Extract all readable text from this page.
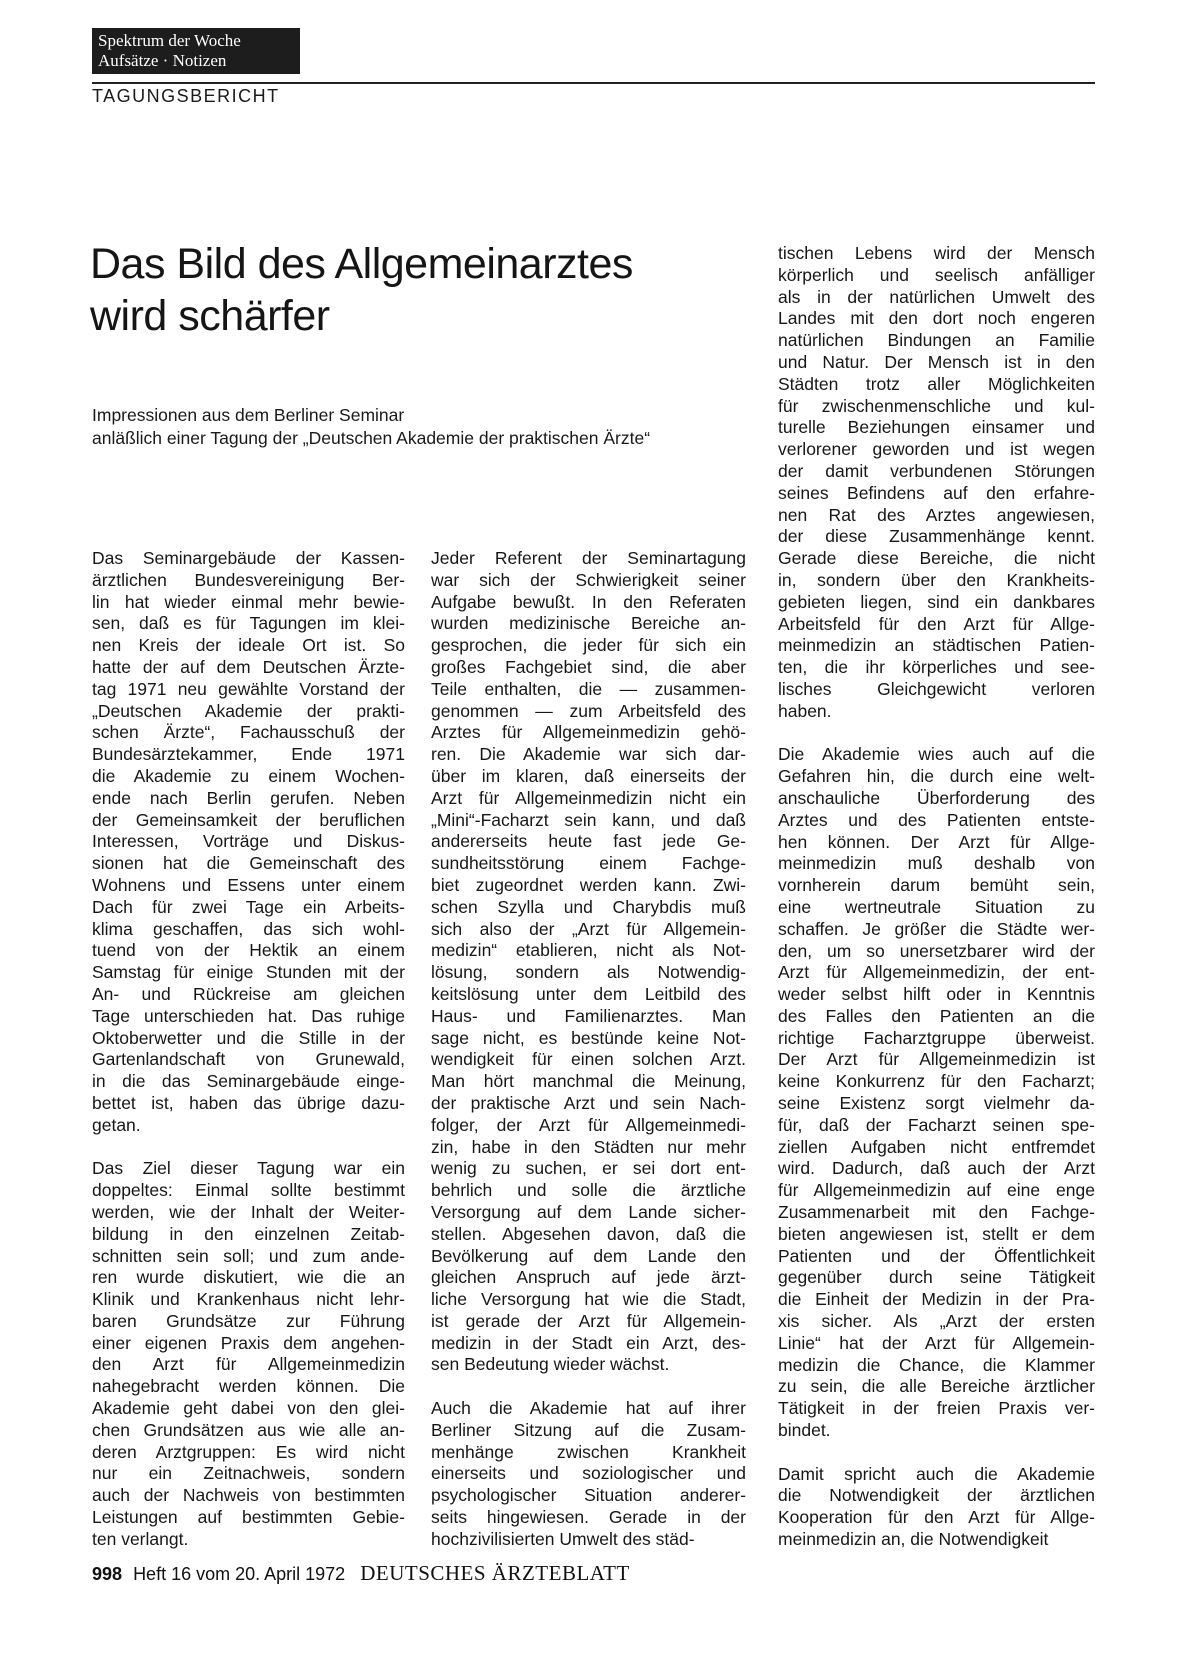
Spektrum der Woche
Aufsätze · Notizen
TAGUNGSBERICHT
Das Bild des Allgemeinarztes
wird schärfer
Impressionen aus dem Berliner Seminar
anläßlich einer Tagung der „Deutschen Akademie der praktischen Ärzte“

Das Seminargebäude der Kassen-
ärztlichen Bundesvereinigung Ber-
lin hat wieder einmal mehr bewie-
sen, daß es für Tagungen im klei-
nen Kreis der ideale Ort ist. So
hatte der auf dem Deutschen Ärzte-
tag 1971 neu gewählte Vorstand der
„Deutschen Akademie der prakti-
schen Ärzte“, Fachausschuß der
Bundesärztekammer, Ende 1971
die Akademie zu einem Wochen-
ende nach Berlin gerufen. Neben
der Gemeinsamkeit der beruflichen
Interessen, Vorträge und Diskus-
sionen hat die Gemeinschaft des
Wohnens und Essens unter einem
Dach für zwei Tage ein Arbeits-
klima geschaffen, das sich wohl-
tuend von der Hektik an einem
Samstag für einige Stunden mit der
An- und Rückreise am gleichen
Tage unterschieden hat. Das ruhige
Oktoberwetter und die Stille in der
Gartenlandschaft von Grunewald,
in die das Seminargebäude einge-
bettet ist, haben das übrige dazu-
getan.

Das Ziel dieser Tagung war ein
doppeltes: Einmal sollte bestimmt
werden, wie der Inhalt der Weiter-
bildung in den einzelnen Zeitab-
schnitten sein soll; und zum ande-
ren wurde diskutiert, wie die an
Klinik und Krankenhaus nicht lehr-
baren Grundsätze zur Führung
einer eigenen Praxis dem angehen-
den Arzt für Allgemeinmedizin
nahegebracht werden können. Die
Akademie geht dabei von den glei-
chen Grundsätzen aus wie alle an-
deren Arztgruppen: Es wird nicht
nur ein Zeitnachweis, sondern
auch der Nachweis von bestimmten
Leistungen auf bestimmten Gebie-
ten verlangt.

Jeder Referent der Seminartagung
war sich der Schwierigkeit seiner
Aufgabe bewußt. In den Referaten
wurden medizinische Bereiche an-
gesprochen, die jeder für sich ein
großes Fachgebiet sind, die aber
Teile enthalten, die — zusammen-
genommen — zum Arbeitsfeld des
Arztes für Allgemeinmedizin gehö-
ren. Die Akademie war sich dar-
über im klaren, daß einerseits der
Arzt für Allgemeinmedizin nicht ein
„Mini“-Facharzt sein kann, und daß
andererseits heute fast jede Ge-
sundheitsstörung einem Fachge-
biet zugeordnet werden kann. Zwi-
schen Szylla und Charybdis muß
sich also der „Arzt für Allgemein-
medizin“ etablieren, nicht als Not-
lösung, sondern als Notwendig-
keitslösung unter dem Leitbild des
Haus- und Familienarztes. Man
sage nicht, es bestünde keine Not-
wendigkeit für einen solchen Arzt.
Man hört manchmal die Meinung,
der praktische Arzt und sein Nach-
folger, der Arzt für Allgemeinmedi-
zin, habe in den Städten nur mehr
wenig zu suchen, er sei dort ent-
behrlich und solle die ärztliche
Versorgung auf dem Lande sicher-
stellen. Abgesehen davon, daß die
Bevölkerung auf dem Lande den
gleichen Anspruch auf jede ärzt-
liche Versorgung hat wie die Stadt,
ist gerade der Arzt für Allgemein-
medizin in der Stadt ein Arzt, des-
sen Bedeutung wieder wächst.

Auch die Akademie hat auf ihrer
Berliner Sitzung auf die Zusam-
menhänge zwischen Krankheit
einerseits und soziologischer und
psychologischer Situation anderer-
seits hingewiesen. Gerade in der
hochzivilisierten Umwelt des städ-

tischen Lebens wird der Mensch
körperlich und seelisch anfälliger
als in der natürlichen Umwelt des
Landes mit den dort noch engeren
natürlichen Bindungen an Familie
und Natur. Der Mensch ist in den
Städten trotz aller Möglichkeiten
für zwischenmenschliche und kul-
turelle Beziehungen einsamer und
verlorener geworden und ist wegen
der damit verbundenen Störungen
seines Befindens auf den erfahre-
nen Rat des Arztes angewiesen,
der diese Zusammenhänge kennt.
Gerade diese Bereiche, die nicht
in, sondern über den Krankheits-
gebieten liegen, sind ein dankbares
Arbeitsfeld für den Arzt für Allge-
meinmedizin an städtischen Patien-
ten, die ihr körperliches und see-
lisches Gleichgewicht verloren
haben.

Die Akademie wies auch auf die
Gefahren hin, die durch eine welt-
anschauliche Überforderung des
Arztes und des Patienten entste-
hen können. Der Arzt für Allge-
meinmedizin muß deshalb von
vornherein darum bemüht sein,
eine wertneutrale Situation zu
schaffen. Je größer die Städte wer-
den, um so unersetzbarer wird der
Arzt für Allgemeinmedizin, der ent-
weder selbst hilft oder in Kenntnis
des Falles den Patienten an die
richtige Facharztgruppe überweist.
Der Arzt für Allgemeinmedizin ist
keine Konkurrenz für den Facharzt;
seine Existenz sorgt vielmehr da-
für, daß der Facharzt seinen spe-
ziellen Aufgaben nicht entfremdet
wird. Dadurch, daß auch der Arzt
für Allgemeinmedizin auf eine enge
Zusammenarbeit mit den Fachge-
bieten angewiesen ist, stellt er dem
Patienten und der Öffentlichkeit
gegenüber durch seine Tätigkeit
die Einheit der Medizin in der Pra-
xis sicher. Als „Arzt der ersten
Linie“ hat der Arzt für Allgemein-
medizin die Chance, die Klammer
zu sein, die alle Bereiche ärztlicher
Tätigkeit in der freien Praxis ver-
bindet.

Damit spricht auch die Akademie
die Notwendigkeit der ärztlichen
Kooperation für den Arzt für Allge-
meinmedizin an, die Notwendigkeit

998 Heft 16 vom 20. April 1972 DEUTSCHES ÄRZTEBLATT
